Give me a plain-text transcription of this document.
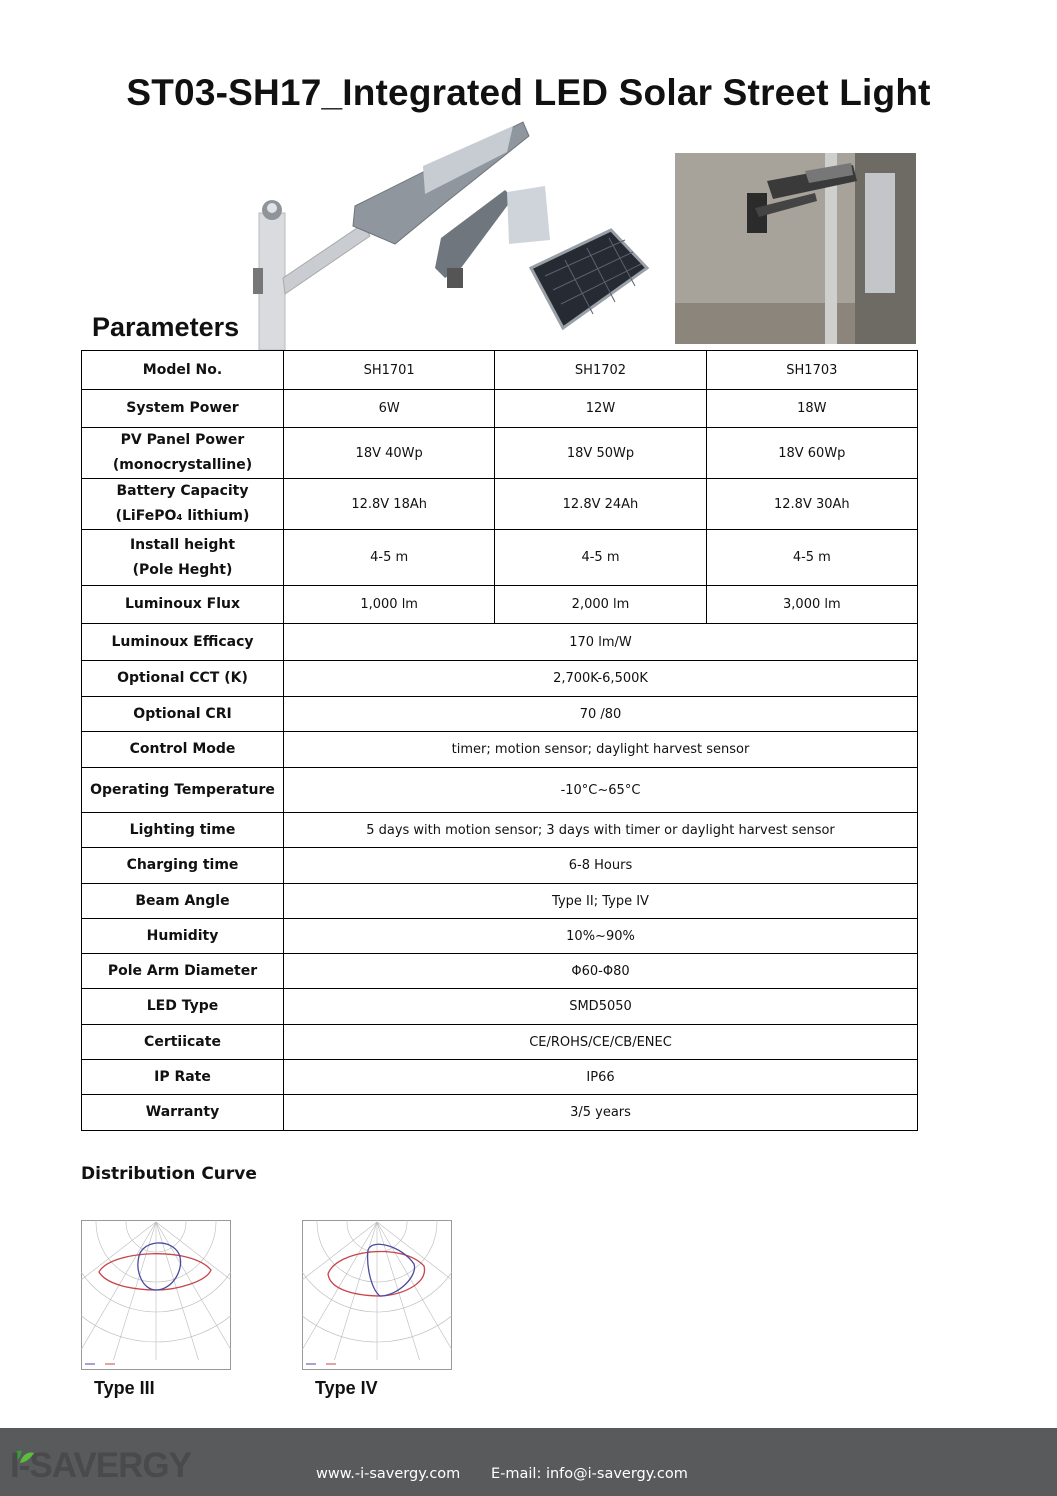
ST03-SH17_Integrated LED Solar Street Light
Parameters
Model No.	SH1701	SH1702	SH1703
System Power	6W	12W	18W
PV Panel Power
(monocrystalline)	18V 40Wp	18V 50Wp	18V 60Wp
Battery Capacity
(LiFePO₄ lithium)	12.8V 18Ah	12.8V 24Ah	12.8V 30Ah
Install height
(Pole Heght)	4-5 m	4-5 m	4-5 m
Luminoux Flux	1,000 lm	2,000 lm	3,000 lm
Luminoux Efficacy	170 lm/W		
Optional CCT (K)	2,700K-6,500K		
Optional CRI	70 /80		
Control Mode	timer; motion sensor; daylight harvest sensor		
Operating Temperature	-10°C~65°C		
Lighting time	5 days with motion sensor; 3 days with timer or daylight harvest sensor		
Charging time	6-8 Hours		
Beam Angle	Type II; Type IV		
Humidity	10%~90%		
Pole Arm Diameter	Φ60-Φ80		
LED Type	SMD5050		
Certiicate	CE/ROHS/CE/CB/ENEC		
IP Rate	IP66		
Warranty	3/5 years		
Distribution Curve
Type III	Type IV
I-SAVERGY	www.-i-savergy.com E-mail: info@i-savergy.com
